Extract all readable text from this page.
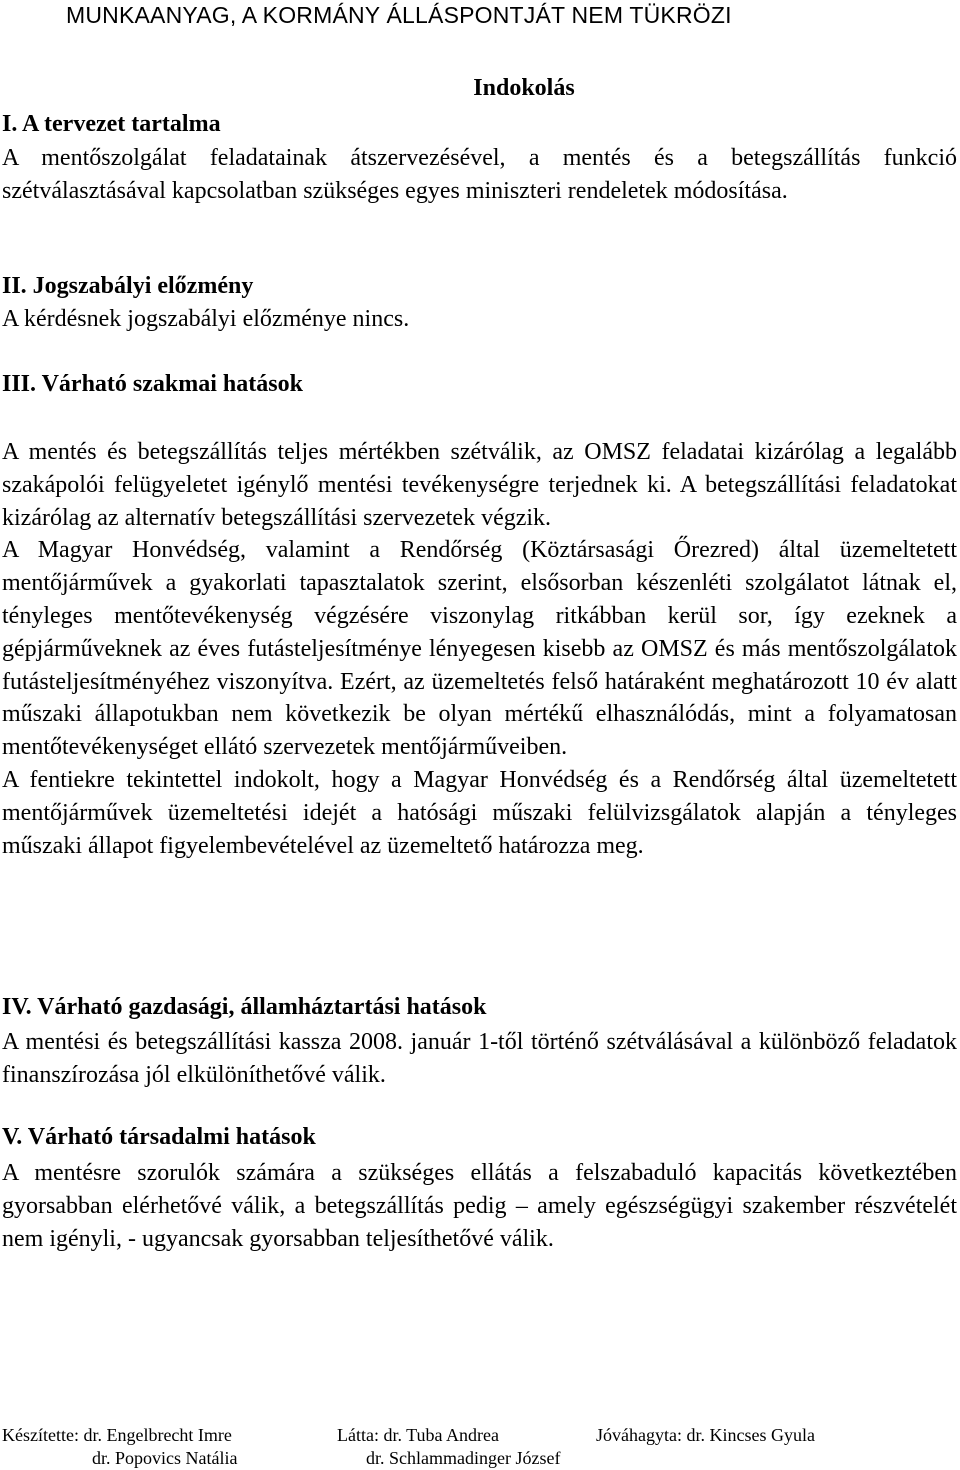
MUNKAANYAG, A KORMÁNY ÁLLÁSPONTJÁT NEM TÜKRÖZI
Indokolás
I. A tervezet tartalma
A mentőszolgálat feladatainak átszervezésével, a mentés és a betegszállítás funkció szétválasztásával kapcsolatban szükséges egyes miniszteri rendeletek módosítása.
II. Jogszabályi előzmény
A kérdésnek jogszabályi előzménye nincs.
III. Várható szakmai hatások

A mentés és betegszállítás teljes mértékben szétválik, az OMSZ feladatai kizárólag a legalább szakápolói felügyeletet igénylő mentési tevékenységre terjednek ki. A betegszállítási feladatokat kizárólag az alternatív betegszállítási szervezetek végzik.

A Magyar Honvédség, valamint a Rendőrség (Köztársasági Őrezred) által üzemeltetett mentőjárművek a gyakorlati tapasztalatok szerint, elsősorban készenléti szolgálatot látnak el, tényleges mentőtevékenység végzésére viszonylag ritkábban kerül sor, így ezeknek a gépjárműveknek az éves futásteljesítménye lényegesen kisebb az OMSZ és más mentőszolgálatok futásteljesítményéhez viszonyítva. Ezért, az üzemeltetés felső határaként meghatározott 10 év alatt műszaki állapotukban nem következik be olyan mértékű elhasználódás, mint a folyamatosan mentőtevékenységet ellátó szervezetek mentőjárműveiben.

A fentiekre tekintettel indokolt, hogy a Magyar Honvédség és a Rendőrség által üzemeltetett mentőjárművek üzemeltetési idejét a hatósági műszaki felülvizsgálatok alapján a tényleges műszaki állapot figyelembevételével az üzemeltető határozza meg.

IV. Várható gazdasági, államháztartási hatások
A mentési és betegszállítási kassza 2008. január 1-től történő szétválásával a különböző feladatok finanszírozása jól elkülöníthetővé válik.
V. Várható társadalmi hatások
A mentésre szorulók számára a szükséges ellátás a felszabaduló kapacitás következtében gyorsabban elérhetővé válik, a betegszállítás pedig – amely egészségügyi szakember részvételét nem igényli, - ugyancsak gyorsabban teljesíthetővé válik.
Készítette: dr. Engelbrecht Imre
dr. Popovics Natália
Látta: dr. Tuba Andrea
dr. Schlammadinger József
Jóváhagyta: dr. Kincses Gyula
